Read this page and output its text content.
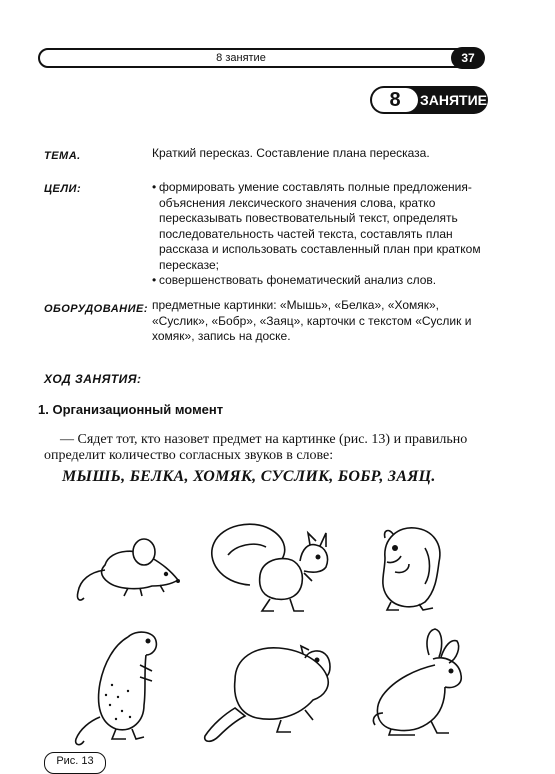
8 занятие	37
8	ЗАНЯТИЕ
ТЕМА.	Краткий пересказ. Составление плана пересказа.
ЦЕЛИ:
•	формировать умение составлять полные предложения-объяснения лексического значения слова, кратко пересказывать повествовательный текст, определять последовательность частей текста, составлять план рассказа и использовать составленный план при кратком пересказе;
• совершенствовать фонематический анализ слов.
ОБОРУДОВАНИЕ: предметные картинки: «Мышь», «Белка», «Хомяк», «Суслик», «Бобр», «Заяц», карточки с текстом «Суслик и хомяк», запись на доске.
ХОД ЗАНЯТИЯ:
1. Организационный момент
— Сядет тот, кто назовет предмет на картинке (рис. 13) и правильно определит количество согласных звуков в слове:
МЫШЬ, БЕЛКА, ХОМЯК, СУСЛИК, БОБР, ЗАЯЦ.
Рис. 13
